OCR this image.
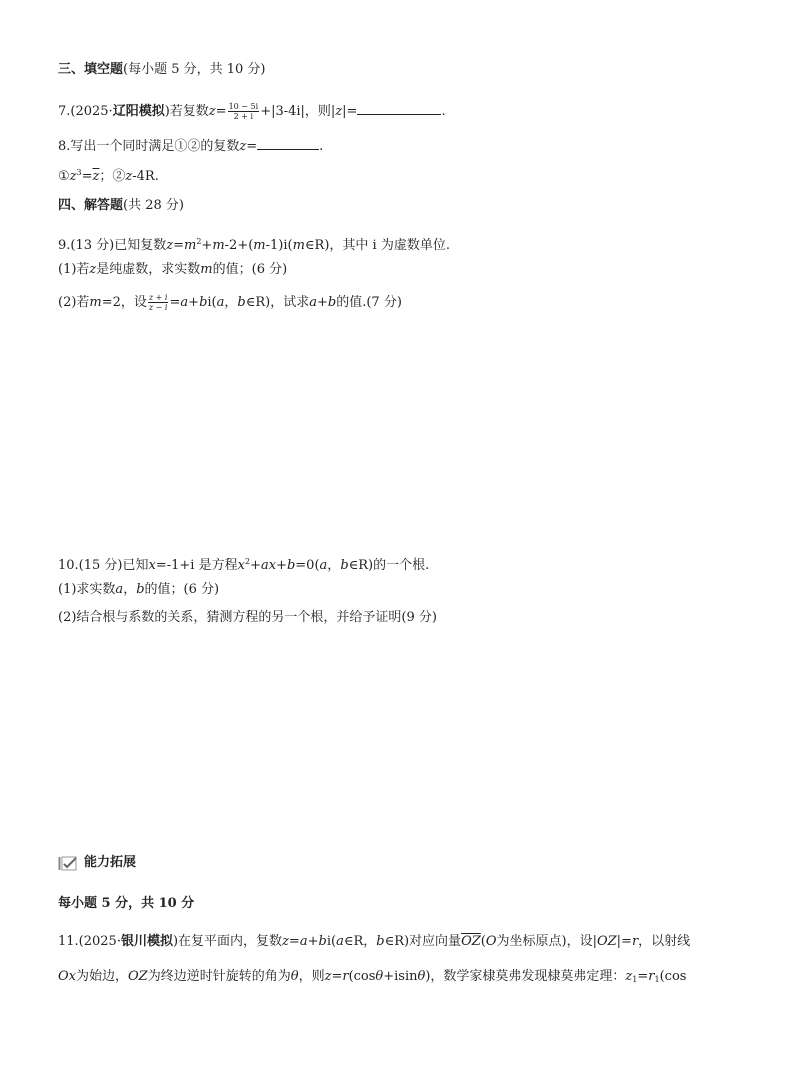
三、填空题(每小题 5 分，共 10 分)
7.(2025·辽阳模拟)若复数$z= \frac{10 - 5i}{2 + i} +|3-4i|$，则|z|=	.
8.写出一个同时满足①②的复数z=	.
$①z^3=\overline{z}$；②z-4R.
四、解答题(共 28 分)
9.(13 分)已知复数$z=m^2+m-2+(m-1)i(m\in R)$，其中 i 为虚数单位.
(1)若z是纯虚数，求实数m的值；(6 分)
(2)若m=2，设 $\frac{z + i}{z - i} =a+bi(a$，b∈R)，试求a+b的值.(7 分)
10.(15 分)已知x=-1+i 是方程$x^2+ax+b=0(a$，b∈R)的一个根.
(1)求实数a，b的值；(6 分)
(2)结合根与系数的关系，猜测方程的另一个根，并给予证明(9 分)
能力拓展
每小题 5 分，共 10 分
11.(2025·银川模拟)在复平面内，复数z=a+bi(a∈R，b∈R)对应向量$\overline{OZ}(O$为坐标原点)，设|OZ|=r，以射线
Ox为始边，OZ为终边逆时针旋转的角为θ，则z=r(cosθ+isinθ)，数学家棣莫弗发现棣莫弗定理：$z_1=r_1(\cos$
